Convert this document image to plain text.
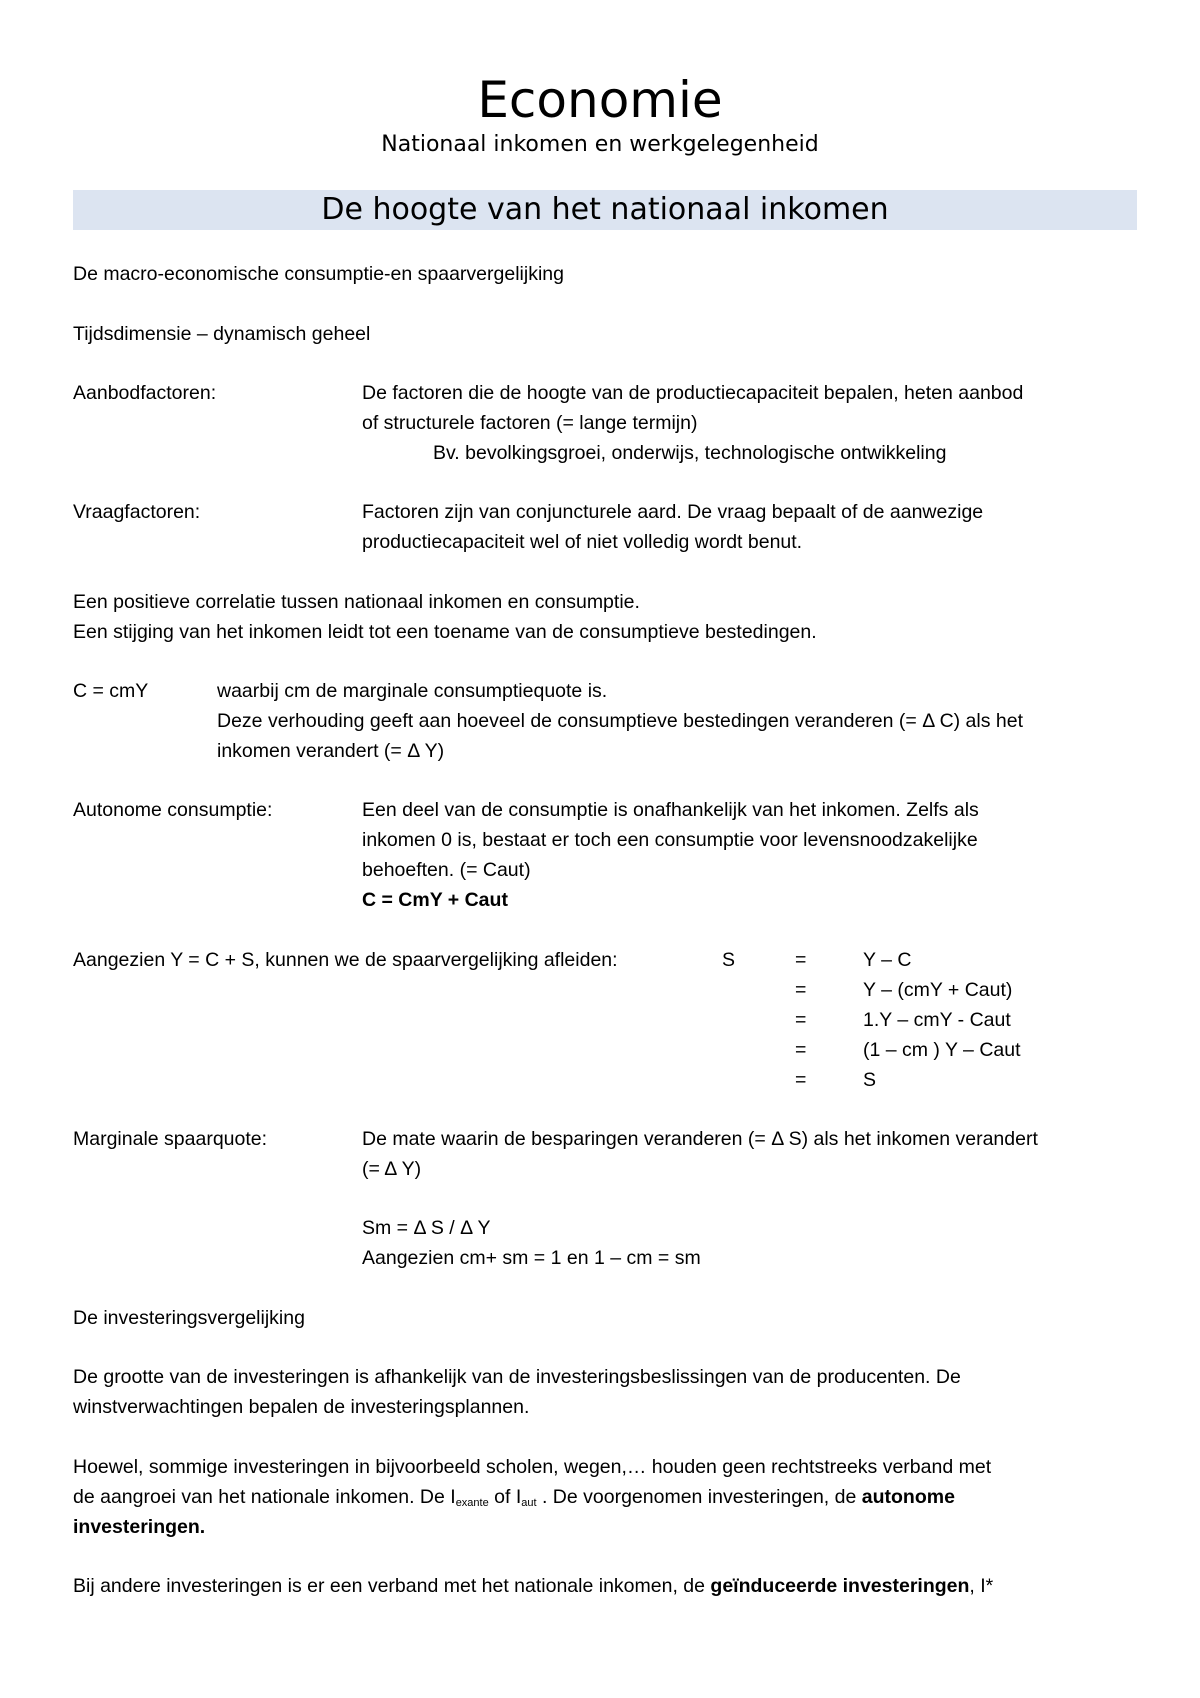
Economie
Nationaal inkomen en werkgelegenheid
De hoogte van het nationaal inkomen
De macro-economische consumptie-en spaarvergelijking
Tijdsdimensie – dynamisch geheel
Aanbodfactoren:	De factoren die de hoogte van de productiecapaciteit bepalen, heten aanbod
of structurele factoren (= lange termijn)
Bv. bevolkingsgroei, onderwijs, technologische ontwikkeling
Vraagfactoren:	Factoren zijn van conjuncturele aard. De vraag bepaalt of de aanwezige
productiecapaciteit wel of niet volledig wordt benut.
Een positieve correlatie tussen nationaal inkomen en consumptie.
Een stijging van het inkomen leidt tot een toename van de consumptieve bestedingen.
C = cmY	waarbij cm de marginale consumptiequote is.
Deze verhouding geeft aan hoeveel de consumptieve bestedingen veranderen (= Δ C) als het
inkomen verandert (= Δ Y)
Autonome consumptie:	Een deel van de consumptie is onafhankelijk van het inkomen. Zelfs als
inkomen 0 is, bestaat er toch een consumptie voor levensnoodzakelijke
behoeften. (= Caut)
C = CmY + Caut
Aangezien Y = C + S, kunnen we de spaarvergelijking afleiden:	S	=	Y – C
=	Y – (cmY + Caut)
=	1.Y – cmY - Caut
=	(1 – cm ) Y – Caut
=	S
Marginale spaarquote:	De mate waarin de besparingen veranderen (= Δ S) als het inkomen verandert
(= Δ Y)
Sm = Δ S / Δ Y
Aangezien cm+ sm = 1 en 1 – cm = sm
De investeringsvergelijking
De grootte van de investeringen is afhankelijk van de investeringsbeslissingen van de producenten. De
winstverwachtingen bepalen de investeringsplannen.
Hoewel, sommige investeringen in bijvoorbeeld scholen, wegen,… houden geen rechtstreeks verband met
de aangroei van het nationale inkomen. De $I_{exante}$ of $I_{aut}$ . De voorgenomen investeringen, de autonome
investeringen.
Bij andere investeringen is er een verband met het nationale inkomen, de geïnduceerde investeringen, I*
